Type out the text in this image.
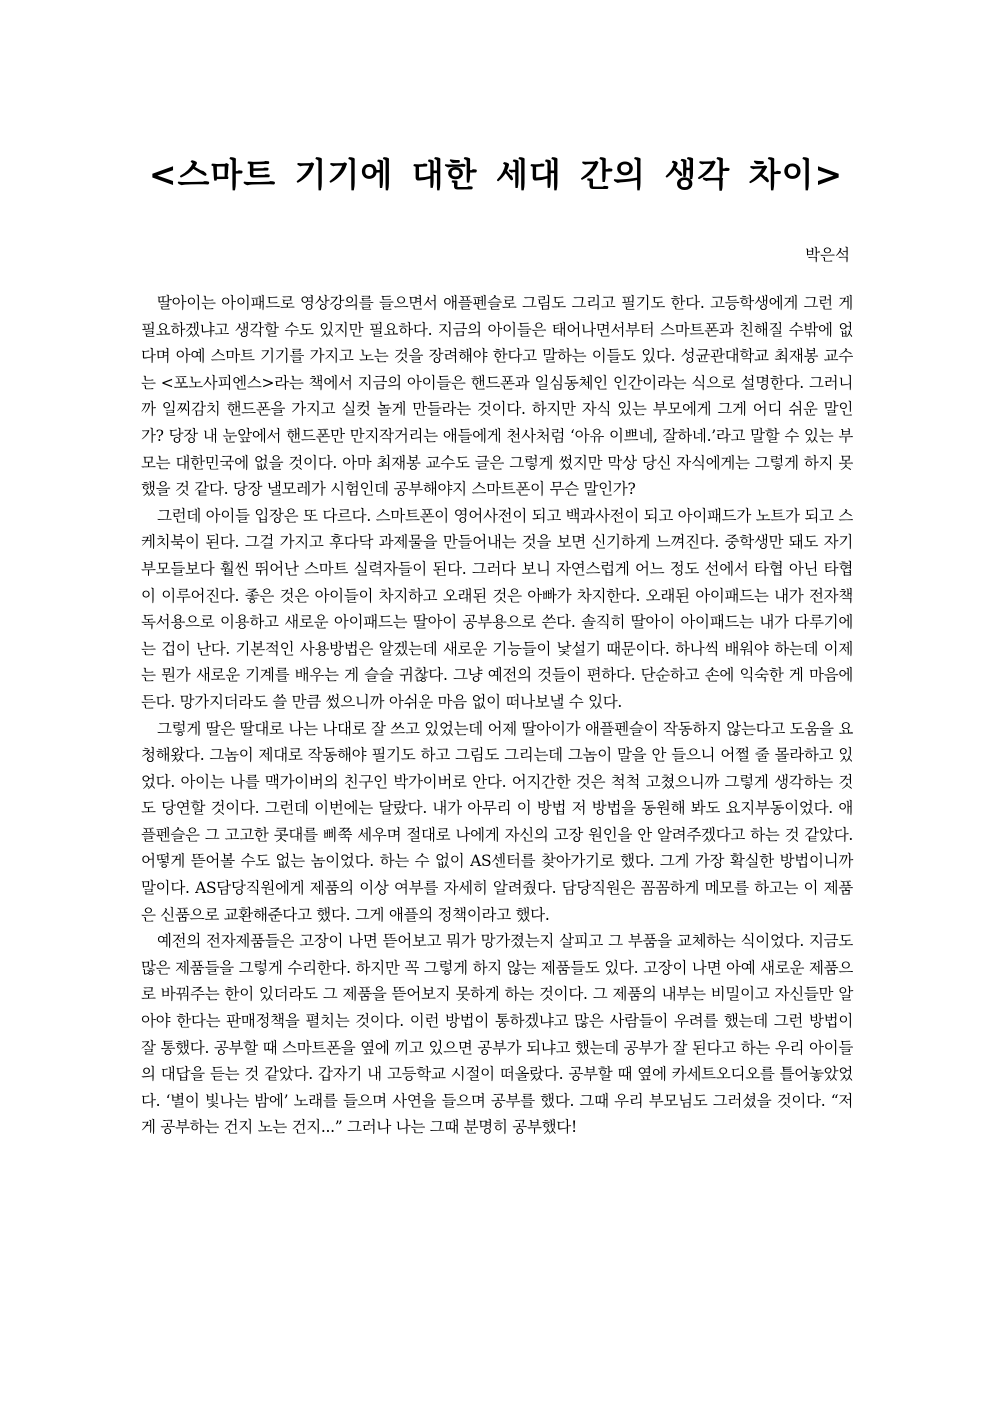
<스마트 기기에 대한 세대 간의 생각 차이>
박은석

딸아이는 아이패드로 영상강의를 들으면서 애플펜슬로 그림도 그리고 필기도 한다. 고등학생에게 그런 게 필요하겠냐고 생각할 수도 있지만 필요하다. 지금의 아이들은 태어나면서부터 스마트폰과 친해질 수밖에 없다며 아예 스마트 기기를 가지고 노는 것을 장려해야 한다고 말하는 이들도 있다. 성균관대학교 최재봉 교수는 <포노사피엔스>라는 책에서 지금의 아이들은 핸드폰과 일심동체인 인간이라는 식으로 설명한다. 그러니까 일찌감치 핸드폰을 가지고 실컷 놀게 만들라는 것이다. 하지만 자식 있는 부모에게 그게 어디 쉬운 말인가? 당장 내 눈앞에서 핸드폰만 만지작거리는 애들에게 천사처럼 ‘아유 이쁘네, 잘하네.’라고 말할 수 있는 부모는 대한민국에 없을 것이다. 아마 최재봉 교수도 글은 그렇게 썼지만 막상 당신 자식에게는 그렇게 하지 못했을 것 같다. 당장 낼모레가 시험인데 공부해야지 스마트폰이 무슨 말인가?

그런데 아이들 입장은 또 다르다. 스마트폰이 영어사전이 되고 백과사전이 되고 아이패드가 노트가 되고 스케치북이 된다. 그걸 가지고 후다닥 과제물을 만들어내는 것을 보면 신기하게 느껴진다. 중학생만 돼도 자기 부모들보다 훨씬 뛰어난 스마트 실력자들이 된다. 그러다 보니 자연스럽게 어느 정도 선에서 타협 아닌 타협이 이루어진다. 좋은 것은 아이들이 차지하고 오래된 것은 아빠가 차지한다. 오래된 아이패드는 내가 전자책 독서용으로 이용하고 새로운 아이패드는 딸아이 공부용으로 쓴다. 솔직히 딸아이 아이패드는 내가 다루기에는 겁이 난다. 기본적인 사용방법은 알겠는데 새로운 기능들이 낯설기 때문이다. 하나씩 배워야 하는데 이제는 뭔가 새로운 기계를 배우는 게 슬슬 귀찮다. 그냥 예전의 것들이 편하다. 단순하고 손에 익숙한 게 마음에 든다. 망가지더라도 쓸 만큼 썼으니까 아쉬운 마음 없이 떠나보낼 수 있다.

그렇게 딸은 딸대로 나는 나대로 잘 쓰고 있었는데 어제 딸아이가 애플펜슬이 작동하지 않는다고 도움을 요청해왔다. 그놈이 제대로 작동해야 필기도 하고 그림도 그리는데 그놈이 말을 안 들으니 어쩔 줄 몰라하고 있었다. 아이는 나를 맥가이버의 친구인 박가이버로 안다. 어지간한 것은 척척 고쳤으니까 그렇게 생각하는 것도 당연할 것이다. 그런데 이번에는 달랐다. 내가 아무리 이 방법 저 방법을 동원해 봐도 요지부동이었다. 애플펜슬은 그 고고한 콧대를 삐쭉 세우며 절대로 나에게 자신의 고장 원인을 안 알려주겠다고 하는 것 같았다. 어떻게 뜯어볼 수도 없는 놈이었다. 하는 수 없이 AS센터를 찾아가기로 했다. 그게 가장 확실한 방법이니까 말이다. AS담당직원에게 제품의 이상 여부를 자세히 알려줬다. 담당직원은 꼼꼼하게 메모를 하고는 이 제품은 신품으로 교환해준다고 했다. 그게 애플의 정책이라고 했다.

예전의 전자제품들은 고장이 나면 뜯어보고 뭐가 망가졌는지 살피고 그 부품을 교체하는 식이었다. 지금도 많은 제품들을 그렇게 수리한다. 하지만 꼭 그렇게 하지 않는 제품들도 있다. 고장이 나면 아예 새로운 제품으로 바꿔주는 한이 있더라도 그 제품을 뜯어보지 못하게 하는 것이다. 그 제품의 내부는 비밀이고 자신들만 알아야 한다는 판매정책을 펼치는 것이다. 이런 방법이 통하겠냐고 많은 사람들이 우려를 했는데 그런 방법이 잘 통했다. 공부할 때 스마트폰을 옆에 끼고 있으면 공부가 되냐고 했는데 공부가 잘 된다고 하는 우리 아이들의 대답을 듣는 것 같았다. 갑자기 내 고등학교 시절이 떠올랐다. 공부할 때 옆에 카세트오디오를 틀어놓았었다. ‘별이 빛나는 밤에’ 노래를 들으며 사연을 들으며 공부를 했다. 그때 우리 부모님도 그러셨을 것이다. “저게 공부하는 건지 노는 건지...” 그러나 나는 그때 분명히 공부했다!
